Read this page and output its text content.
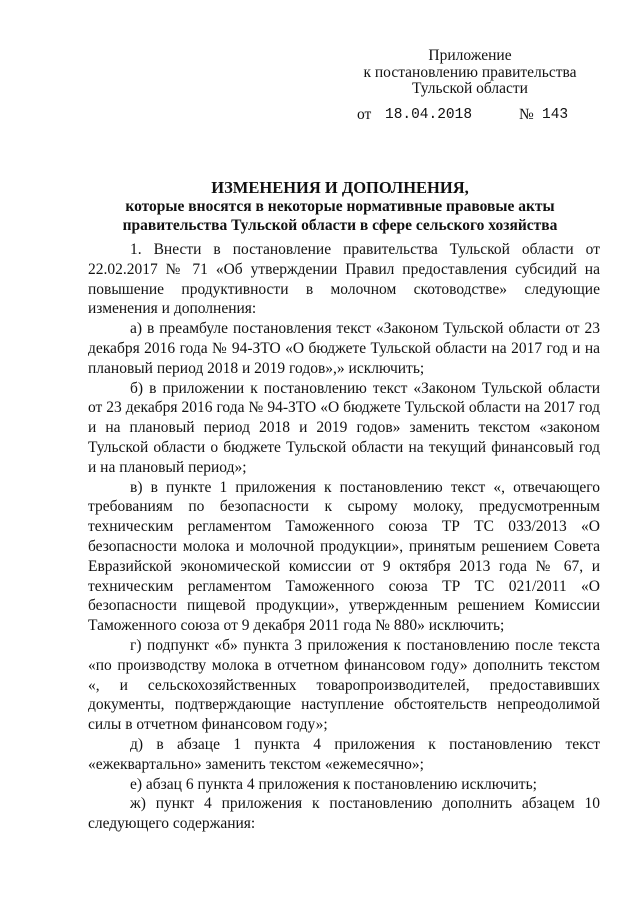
Приложение
к постановлению правительства
Тульской области
от 18.04.2018	№ 143
ИЗМЕНЕНИЯ И ДОПОЛНЕНИЯ,
которые вносятся в некоторые нормативные правовые акты
правительства Тульской области в сфере сельского хозяйства

1. Внести в постановление правительства Тульской области от 22.02.2017 № 71 «Об утверждении Правил предоставления субсидий на повышение продуктивности в молочном скотоводстве» следующие изменения и дополнения:

а) в преамбуле постановления текст «Законом Тульской области от 23 декабря 2016 года № 94-ЗТО «О бюджете Тульской области на 2017 год и на плановый период 2018 и 2019 годов»,» исключить;

б) в приложении к постановлению текст «Законом Тульской области от 23 декабря 2016 года № 94-ЗТО «О бюджете Тульской области на 2017 год и на плановый период 2018 и 2019 годов» заменить текстом «законом Тульской области о бюджете Тульской области на текущий финансовый год и на плановый период»;

в) в пункте 1 приложения к постановлению текст «, отвечающего требованиям по безопасности к сырому молоку, предусмотренным техническим регламентом Таможенного союза ТР ТС 033/2013 «О безопасности молока и молочной продукции», принятым решением Совета Евразийской экономической комиссии от 9 октября 2013 года № 67, и техническим регламентом Таможенного союза ТР ТС 021/2011 «О безопасности пищевой продукции», утвержденным решением Комиссии Таможенного союза от 9 декабря 2011 года № 880» исключить;

г) подпункт «б» пункта 3 приложения к постановлению после текста «по производству молока в отчетном финансовом году» дополнить текстом «, и сельскохозяйственных товаропроизводителей, предоставивших документы, подтверждающие наступление обстоятельств непреодолимой силы в отчетном финансовом году»;

д) в абзаце 1 пункта 4 приложения к постановлению текст «ежеквартально» заменить текстом «ежемесячно»;

е) абзац 6 пункта 4 приложения к постановлению исключить;

ж) пункт 4 приложения к постановлению дополнить абзацем 10 следующего содержания:
